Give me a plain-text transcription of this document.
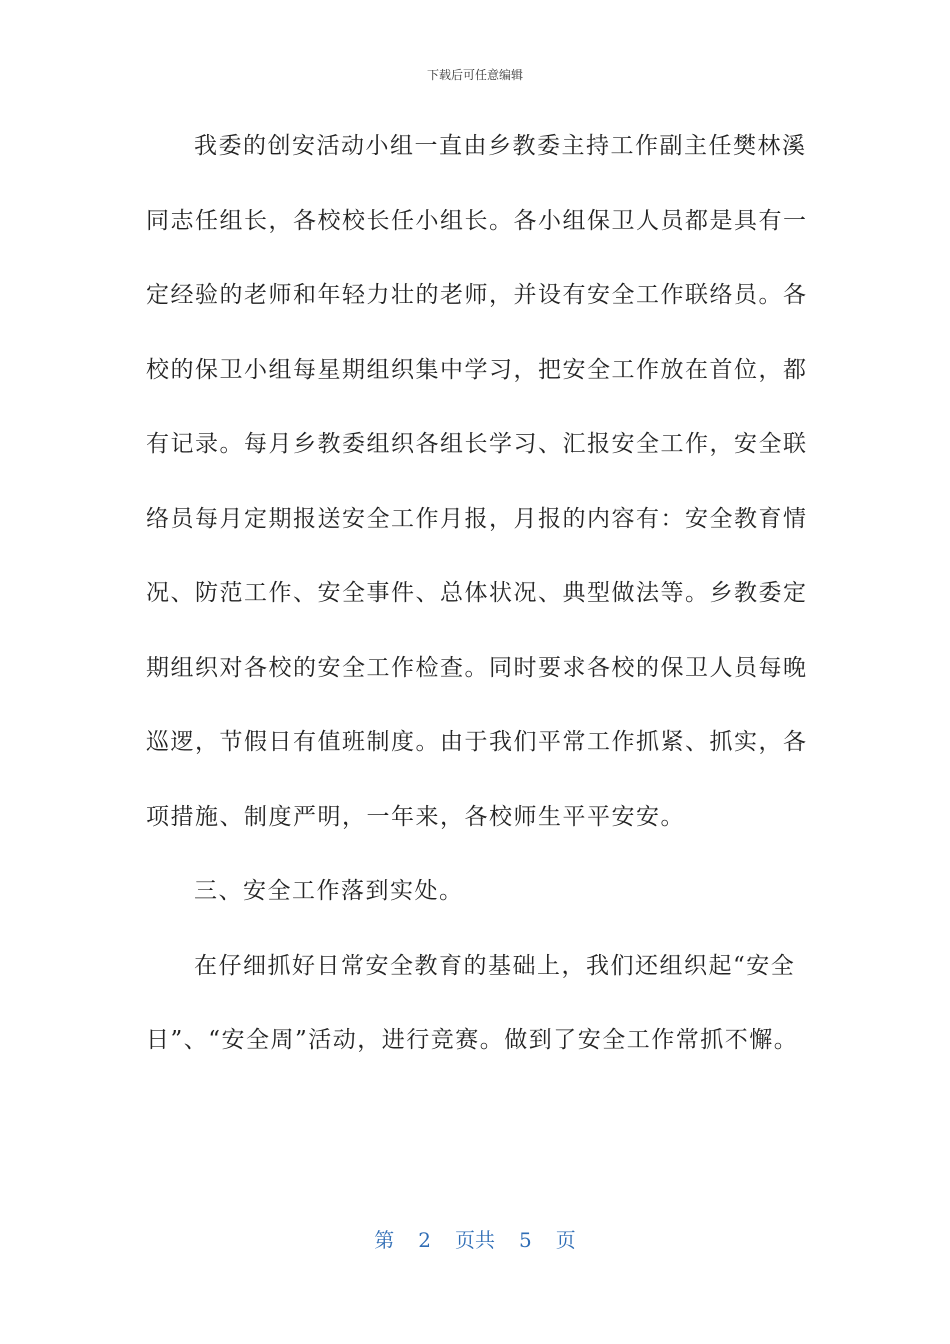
下载后可任意编辑
我委的创安活动小组一直由乡教委主持工作副主任樊林溪
同志任组长，各校校长任小组长。各小组保卫人员都是具有一
定经验的老师和年轻力壮的老师，并设有安全工作联络员。各
校的保卫小组每星期组织集中学习，把安全工作放在首位，都
有记录。每月乡教委组织各组长学习、汇报安全工作，安全联
络员每月定期报送安全工作月报，月报的内容有：安全教育情
况、防范工作、安全事件、总体状况、典型做法等。乡教委定
期组织对各校的安全工作检查。同时要求各校的保卫人员每晚
巡逻，节假日有值班制度。由于我们平常工作抓紧、抓实，各
项措施、制度严明，一年来，各校师生平平安安。
三、安全工作落到实处。
在仔细抓好日常安全教育的基础上，我们还组织起“安全
日”、“安全周”活动，进行竞赛。做到了安全工作常抓不懈。
第 2 页共 5 页
